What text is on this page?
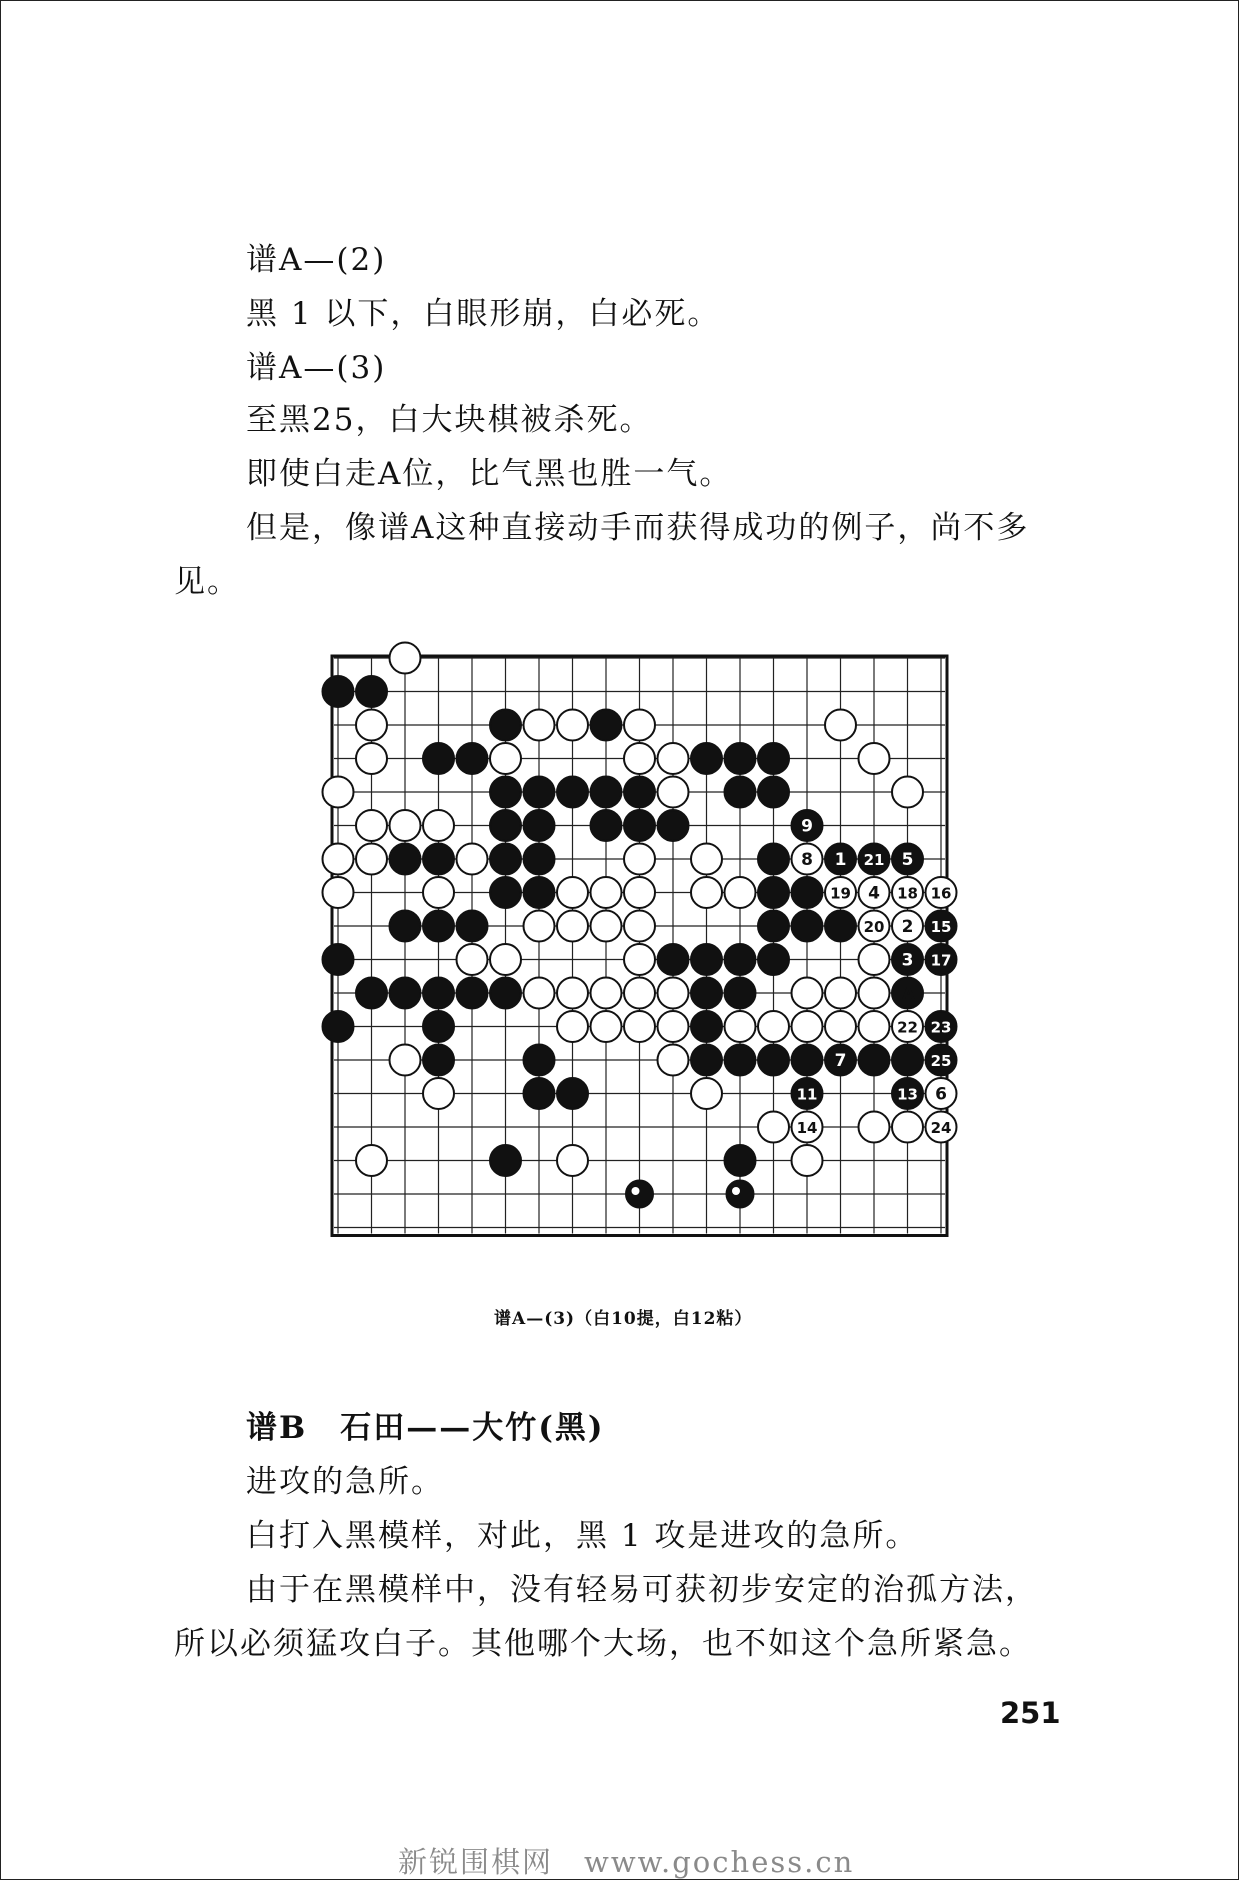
谱A—(2)
黑 1 以下，白眼形崩，白必死。
谱A—(3)
至黑25，白大块棋被杀死。
即使白走A位，比气黑也胜一气。
但是，像谱A这种直接动手而获得成功的例子，尚不多
见。
9
1 21 5
15
3 17
23
7	25
11	13
8
19 4 18 16
20 2
22
6
14	24
A
谱A—(3)（白10提，白12粘）
谱B　石田——大竹(黑)
进攻的急所。
白打入黑模样，对此，黑 1 攻是进攻的急所。
由于在黑模样中，没有轻易可获初步安定的治孤方法，
所以必须猛攻白子。其他哪个大场，也不如这个急所紧急。
251
新锐围棋网　www.gochess.cn
